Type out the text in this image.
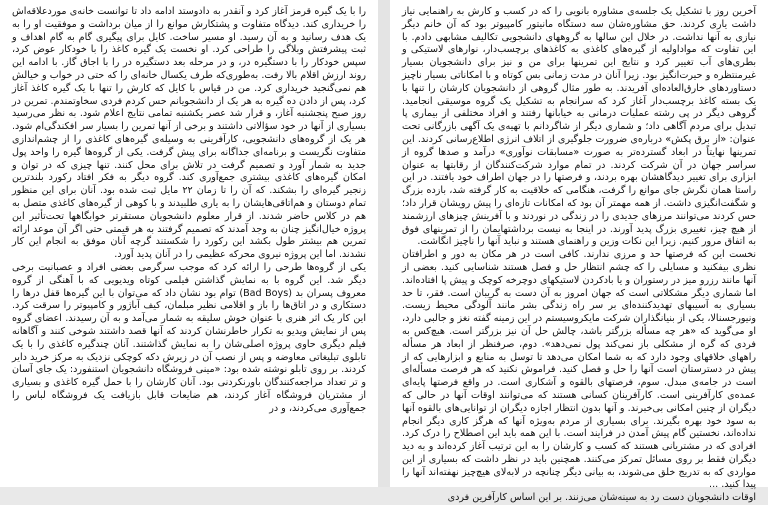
را با یک گیره قرمز آغاز کرد و آنقدر به دادوستد ادامه داد تا توانست خانه‌ی موردعلاقه‌اش را خریداری کند. دیدگاه متفاوت و پشتکارش موانع را از میان برداشت و موفقیت او را به یک هدف رسانید و به آن رسید. او مسیر ساخت. کایل برای پیگیری گام به گام اهداف و ثبت پیشرفتش وبلاگی را طراحی کرد. او نخست یک گیره کاغذ را با خودکار عوض کرد، سپس خودکار را با دستگیره در، و در مرحله بعد دستگیره در را با اجاق گاز. با ادامه این روند ارزش اقلام بالا رفت. به‌طوری‌که طرف یکسال خانه‌ای را که حتی در خواب و خیالش هم نمی‌گنجید خریداری کرد. من در قیاس با کایل که کارش را تنها با یک گیره کاغذ آغاز کرد، پس از دادن ده گیره به هر یک از دانشجویانم حس کردم فردی سخاوتمندم. تمرین در روز صبح پنجشنبه آغاز، و قرار شد عصر یکشنبه تمامی نتایج اعلام شود. به نظر می‌رسید بسیاری از آنها در خود سؤالاتی داشتند و برخی از آنها تمرین را بسیار سر افکندگی‌ام شود. هر یک از گروه‌های دانشجویی، کارآفرینی به وسیله‌ی گیره‌های کاغذی را از چشم‌اندازی متفاوت نگریست و برنامه‌ای جداگانه برای پیش گرفت. یکی از گروه‌ها گیره را واحد پول جدید به شمار آورد و تصمیم گرفت در تلاش برای محل کنند. تنها چیزی که در توان و امکان گیره‌های کاغذی بیشتری جمع‌آوری کند. گروه دیگر به فکر افتاد رکورد بلندترین زنجیر گیره‌ای را بشکند. که آن را تا زمان ۲۲ مایل ثبت شده بود. آنان برای این منظور تمام دوستان و هم‌اتاقی‌هایشان را به یاری طلبیدند و با کوهی از گیره‌های کاغذی متصل به هم در کلاس حاضر شدند. از قرار معلوم دانشجویان مستقرتر خوابگاهها تحت‌تأثیر این پروژه خیال‌انگیز چنان به وجد آمدند که تصمیم گرفتند به هر قیمتی حتی اگر آن موعد ارائه تمرین هم بیشتر طول بکشد این رکورد را شکستند گرچه آنان موفق به انجام این کار نشدند. اما این پروژه نیروی محرکه عظیمی را در آنان پدید آورد.

یکی از گروه‌ها طرحی را ارائه کرد که موجب سرگرمی بعضی افراد و عصبانیت برخی دیگر شد. این گروه با به نمایش گذاشتن فیلمی کوتاه ویدیویی که با آهنگی از گروه معروف پسران بد (Bad Boys) توام بود نشان داد که می‌توان با این گیره‌ها قفل درها را دستکاری و در اتاق‌ها را باز و اقلامی نظیر مبلمان، کیف آباژور و کامپیوتر را سرقت کرد. این کار یک اثر هنری با عنوان خوش سلیقه به شمار می‌آمد و به آن رسیدند. اعضای گروه پس از نمایش ویدیو به تکرار خاطرنشان کردند که آنها قصد داشتند شوخی کنند و آگاهانه فیلم دیگری حاوی پروژه اصلی‌شان را به نمایش گذاشتند. آنان چندگیره کاغذی را با یک تابلوی تبلیغاتی معاوضه و پس از نصب آن در زیرش دکه کوچکی نزدیک به مرکز خرید دایر کردند. بر روی تابلو نوشته شده بود: «مینی فروشگاه دانشجویان استنفورد: یک جای آسان و تر تعداد مراجعه‌کنندگان باورنکردنی بود. آنان کارشان را با حمل گیره کاغذی و بسیاری از مشتریان فروشگاه آغاز کردند، هم ضایعات قابل بازیافت یک فروشگاه لباس را جمع‌آوری می‌کردند، و در

آخرین روز با تشکیل یک جلسه‌ی مشاوره بانویی را که در کسب و کارش به راهنمایی نیاز داشت یاری کردند. حق مشاوره‌شان سه دستگاه مانیتور کامپیوتر بود که آن خانم دیگر نیازی به آنها نداشت. در خلال این سالها به گروههای دانشجویی تکالیف مشابهی دادم. با این تفاوت که مواداولیه از گیره‌های کاغذی به کاغذهای برچسب‌دار، نوارهای لاستیکی و بطری‌های آب تغییر کرد و نتایج این تمرینها برای من و نیز برای دانشجویان بسیار غیرمنتظره و حیرت‌انگیز بود. زیرا آنان در مدت زمانی بس کوتاه و با امکاناتی بسیار ناچیز دستاوردهای خارق‌العاده‌ای آفریدند. به طور مثال گروهی از دانشجویان کارشان را تنها با یک بسته کاغذ برچسب‌دار آغاز کرد که سرانجام به تشکیل یک گروه موسیقی انجامید. گروهی دیگر در پی رشته عملیات درمانی به خیابانها رفتند و افراد مختلفی از بیماری پا تبدیل برای مردم آگاهی داد؛ و شماری دیگر از شاگردانم با تهیه‌ی یک آگهی بازرگانی تحت عنوان: «از برق پکش» درباره‌ی ضرورت جلوگیری از اتلاف انرژی اطلاع‌رسانی کردند. این تمرینها نهایتاً در ابعاد گسترده‌تر به صورت «مسابقات نوآوری» درآمد و صدها گروه از سراسر جهان در آن شرکت کردند. در تمام موارد شرکت‌کنندگان از رقابتها به عنوان ابزاری برای تغییر دیدگاهشان بهره بردند، و فرصتها را در جهان اطراف خود یافتند. در این راستا همان نگرش جای موانع را گرفت، هنگامی که خلاقیت به کار گرفته شد، بازده بزرگ و شگفت‌انگیزی داشت. از همه مهمتر آن بود که امکانات تازه‌ای را پیش رویشان قرار داد؛ حس کردند می‌توانند مرزهای جدیدی را در زندگی در نوردند و با آفرینش چیزهای ارزشمند از هیچ چیز، تغییری بزرگ پدید آورند. در اینجا به نیست برداشتهایمان را از تمرینهای فوق به اتفاق مرور کنیم. زیرا این نکات وزین و راهنمای هستند و نباید آنها را ناچیز انگاشت.

نخست این که فرصتها حد و مرزی ندارند. کافی است در هر مکان به دور و اطرافتان نظری بیفکنید و مسایلی را که چشم انتظار حل و فصل هستند شناسایی کنید. بعضی از آنها مانند رزرو میز در رستوران و یا بادکردن لاستیکهای دوچرخه کوچک و پیش پا افتاده‌اند. اما شماری دیگر مشکلاتی است که جهان امروز به آن دست به گریبان است. فقر، تا حد بسیاری به آسیبهای تهدیدکننده‌ای بر سر راه زندگی بشر مانند آلودگی محیط زیست. ونیورجسنالا، یکی از بنیانگذاران شرکت مایکروسیستم در این زمینه گفته نغز و جالبی دارد، او می‌گوید که «هر چه مسأله بزرگتر باشد، چالش حل آن نیز بزرگتر است. هیچ‌کس به فردی که گره از مشکلی باز نمی‌کند پول نمی‌دهد». دوم، صرفنظر از ابعاد هر مسأله راههای خلاقهای وجود دارد که به شما امکان می‌دهد تا توسل به منابع و ابزارهایی که از پیش در دسترستان است آنها را حل و فصل کنید. فراموش نکنید که هر فرصت مسأله‌ای است در جامه‌ی مبدل. سوم، فرصتهای بالقوه و آشکاری است. در واقع فرصتها پایه‌ای عمده‌ی کارآفرینی است. کارآفرینان کسانی هستند که می‌توانند اوقات آنها در حالی که دیگران از چنین امکانی بی‌خبرند. و آنها بدون انتظار اجازه دیگران از توانایی‌های بالقوه آنها به سود خود بهره بگیرند. برای بسیاری از مردم به‌ویژه آنها که هرگز کاری دیگر انجام نداده‌اند، نخستین گام پیش آمدن در فرایند است. با این همه باید این اصطلاح را درک کرد. افرادی که در مشتریانی هستند که کسب و کارشان را به این ترتیب آغاز کرده‌اند و به دید دیگران فقط بر روی مسائل تمرکز می‌کنند. همچنین باید در نظر داشت که بسیاری از این مواردی که به تدریج خلق می‌شوند، به بیانی دیگر چنانچه در لابه‌لای هیچ‌چیز نهفته‌اند آنها را پیدا کنید. ...

اوقات دانشجویان دست رد به سینه‌شان می‌زنند. بر این اساس کارآفرین فردی
